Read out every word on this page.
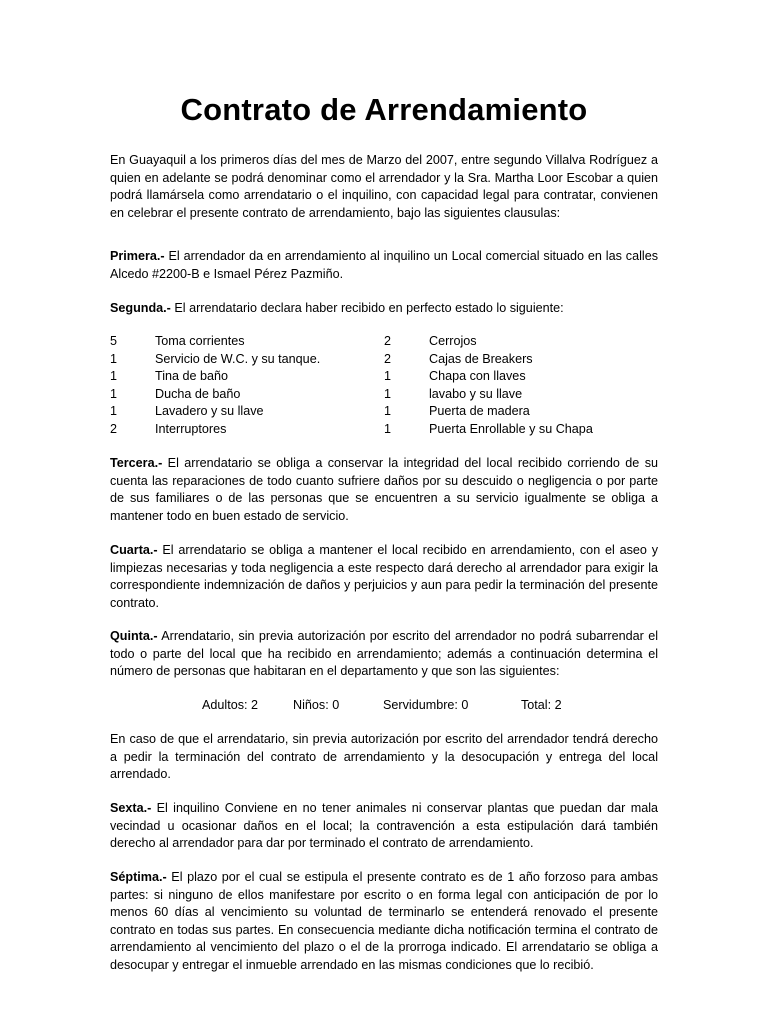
Contrato de Arrendamiento

En Guayaquil a los primeros días del mes de Marzo del 2007, entre segundo Villalva Rodríguez a quien en adelante se podrá denominar como el arrendador y la Sra. Martha Loor Escobar a quien podrá llamársela como arrendatario o el inquilino, con capacidad legal para contratar, convienen en celebrar el presente contrato de arrendamiento, bajo las siguientes clausulas:

Primera.- El arrendador da en arrendamiento al inquilino un Local comercial situado en las calles Alcedo #2200-B e Ismael Pérez Pazmiño.

Segunda.- El arrendatario declara haber recibido en perfecto estado lo siguiente:

5	Toma corrientes	2	Cerrojos
1	Servicio de W.C. y su tanque.	2	Cajas de Breakers
1	Tina de baño	1	Chapa con llaves
1	Ducha de baño	1	lavabo y su llave
1	Lavadero y su llave	1	Puerta de madera
2	Interruptores	1	Puerta Enrollable y su Chapa

Tercera.- El arrendatario se obliga a conservar la integridad del local recibido corriendo de su cuenta las reparaciones de todo cuanto sufriere daños por su descuido o negligencia o por parte de sus familiares o de las personas que se encuentren a su servicio igualmente se obliga a mantener todo en buen estado de servicio.

Cuarta.- El arrendatario se obliga a mantener el local recibido en arrendamiento, con el aseo y limpiezas necesarias y toda negligencia a este respecto dará derecho al arrendador para exigir la correspondiente indemnización de daños y perjuicios y aun para pedir la terminación del presente contrato.

Quinta.- Arrendatario, sin previa autorización por escrito del arrendador no podrá subarrendar el todo o parte del local que ha recibido en arrendamiento; además a continuación determina el número de personas que habitaran en el departamento y que son las siguientes:

Adultos: 2	Niños: 0	Servidumbre: 0	Total: 2

En caso de que el arrendatario, sin previa autorización por escrito del arrendador tendrá derecho a pedir la terminación del contrato de arrendamiento y la desocupación y entrega del local arrendado.

Sexta.- El inquilino Conviene en no tener animales ni conservar plantas que puedan dar mala vecindad u ocasionar daños en el local; la contravención a esta estipulación dará también derecho al arrendador para dar por terminado el contrato de arrendamiento.

Séptima.- El plazo por el cual se estipula el presente contrato es de 1 año forzoso para ambas partes: si ninguno de ellos manifestare por escrito o en forma legal con anticipación de por lo menos 60 días al vencimiento su voluntad de terminarlo se entenderá renovado el presente contrato en todas sus partes. En consecuencia mediante dicha notificación termina el contrato de arrendamiento al vencimiento del plazo o el de la prorroga indicado. El arrendatario se obliga a desocupar y entregar el inmueble arrendado en las mismas condiciones que lo recibió.
